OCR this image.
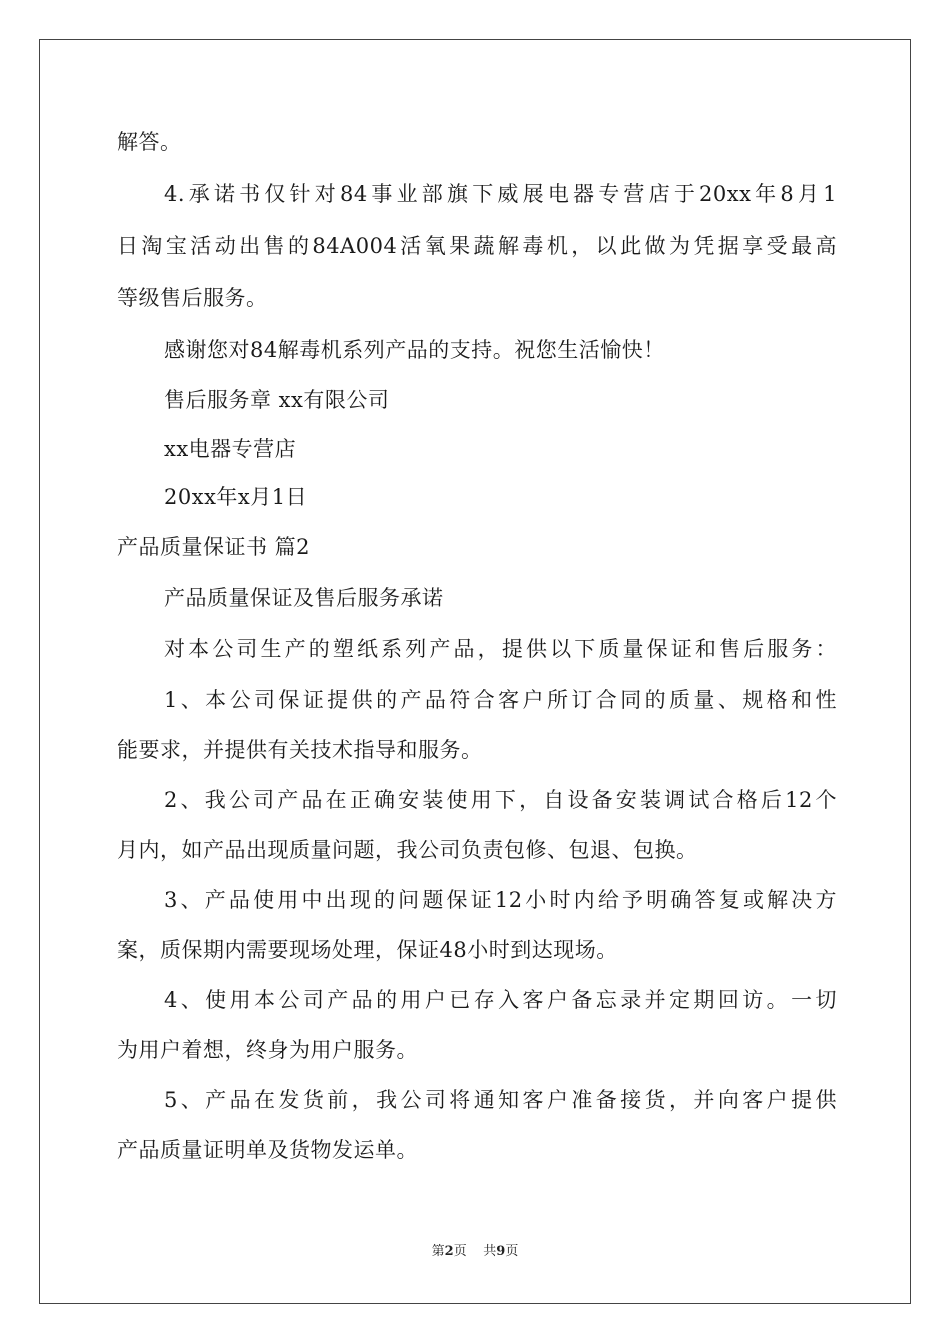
解答。
4.承诺书仅针对84事业部旗下威展电器专营店于20xx年8月1
日淘宝活动出售的84A004活氧果蔬解毒机，以此做为凭据享受最高
等级售后服务。
感谢您对84解毒机系列产品的支持。祝您生活愉快！
售后服务章 xx有限公司
xx电器专营店
20xx年x月1日
产品质量保证书 篇2
产品质量保证及售后服务承诺
对本公司生产的塑纸系列产品，提供以下质量保证和售后服务：
1、本公司保证提供的产品符合客户所订合同的质量、规格和性
能要求，并提供有关技术指导和服务。
2、我公司产品在正确安装使用下，自设备安装调试合格后12个
月内，如产品出现质量问题，我公司负责包修、包退、包换。
3、产品使用中出现的问题保证12小时内给予明确答复或解决方
案，质保期内需要现场处理，保证48小时到达现场。
4、使用本公司产品的用户已存入客户备忘录并定期回访。一切
为用户着想，终身为用户服务。
5、产品在发货前，我公司将通知客户准备接货，并向客户提供
产品质量证明单及货物发运单。
第2页 共9页
